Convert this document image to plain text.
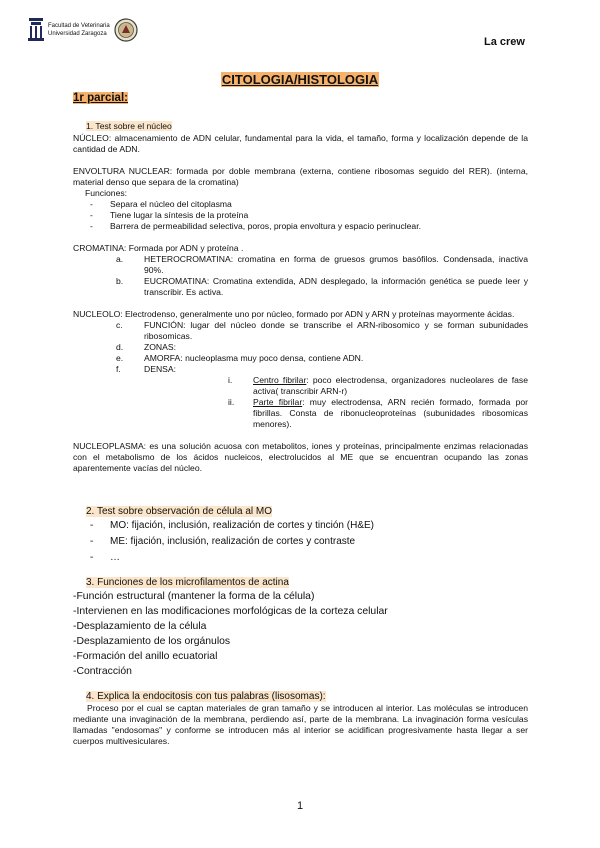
Facultad de Veterinaria
Universidad Zaragoza
La crew
CITOLOGIA/HISTOLOGIA
1r parcial:
1. Test sobre el núcleo
NÚCLEO: almacenamiento de ADN celular, fundamental para la vida, el tamaño, forma y localización depende de la cantidad de ADN.
ENVOLTURA NUCLEAR: formada por doble membrana (externa, contiene ribosomas seguido del RER). (interna, material denso que separa de la cromatina)
Funciones:
- Separa el núcleo del citoplasma
- Tiene lugar la síntesis de la proteína
- Barrera de permeabilidad selectiva, poros, propia envoltura y espacio perinuclear.
CROMATINA: Formada por ADN y proteína .
a. HETEROCROMATINA: cromatina en forma de gruesos grumos basófilos. Condensada, inactiva 90%.
b. EUCROMATINA: Cromatina extendida, ADN desplegado, la información genética se puede leer y transcribir. Es activa.
NUCLEOLO: Electrodenso, generalmente uno por núcleo, formado por ADN y ARN y proteínas mayormente ácidas.
c. FUNCIÓN: lugar del núcleo donde se transcribe el ARN-ribosomico y se forman subunidades ribosomicas.
d. ZONAS:
e. AMORFA: nucleoplasma muy poco densa, contiene ADN.
f.	DENSA:
i. Centro fibrilar: poco electrodensa, organizadores nucleolares de fase activa( transcribir ARN-r)
ii. Parte fibrilar: muy electrodensa, ARN recién formado, formada por fibrillas. Consta de ribonucleoproteínas (subunidades ribosomicas menores).
NUCLEOPLASMA: es una solución acuosa con metabolitos, iones y proteínas, principalmente enzimas relacionadas con el metabolismo de los ácidos nucleicos, electrolucidos al ME que se encuentran ocupando las zonas aparentemente vacías del núcleo.
2. Test sobre observación de célula al MO
- MO: fijación, inclusión, realización de cortes y tinción (H&E)
- ME: fijación, inclusión, realización de cortes y contraste
- …
3. Funciones de los microfilamentos de actina
-Función estructural (mantener la forma de la célula)
-Intervienen en las modificaciones morfológicas de la corteza celular
-Desplazamiento de la célula
-Desplazamiento de los orgánulos
-Formación del anillo ecuatorial
-Contracción
4. Explica la endocitosis con tus palabras (lisosomas):
Proceso por el cual se captan materiales de gran tamaño y se introducen al interior. Las moléculas se introducen mediante una invaginación de la membrana, perdiendo así, parte de la membrana. La invaginación forma vesículas llamadas "endosomas" y conforme se introducen más al interior se acidifican progresivamente hasta llegar a ser cuerpos multivesiculares.
1
